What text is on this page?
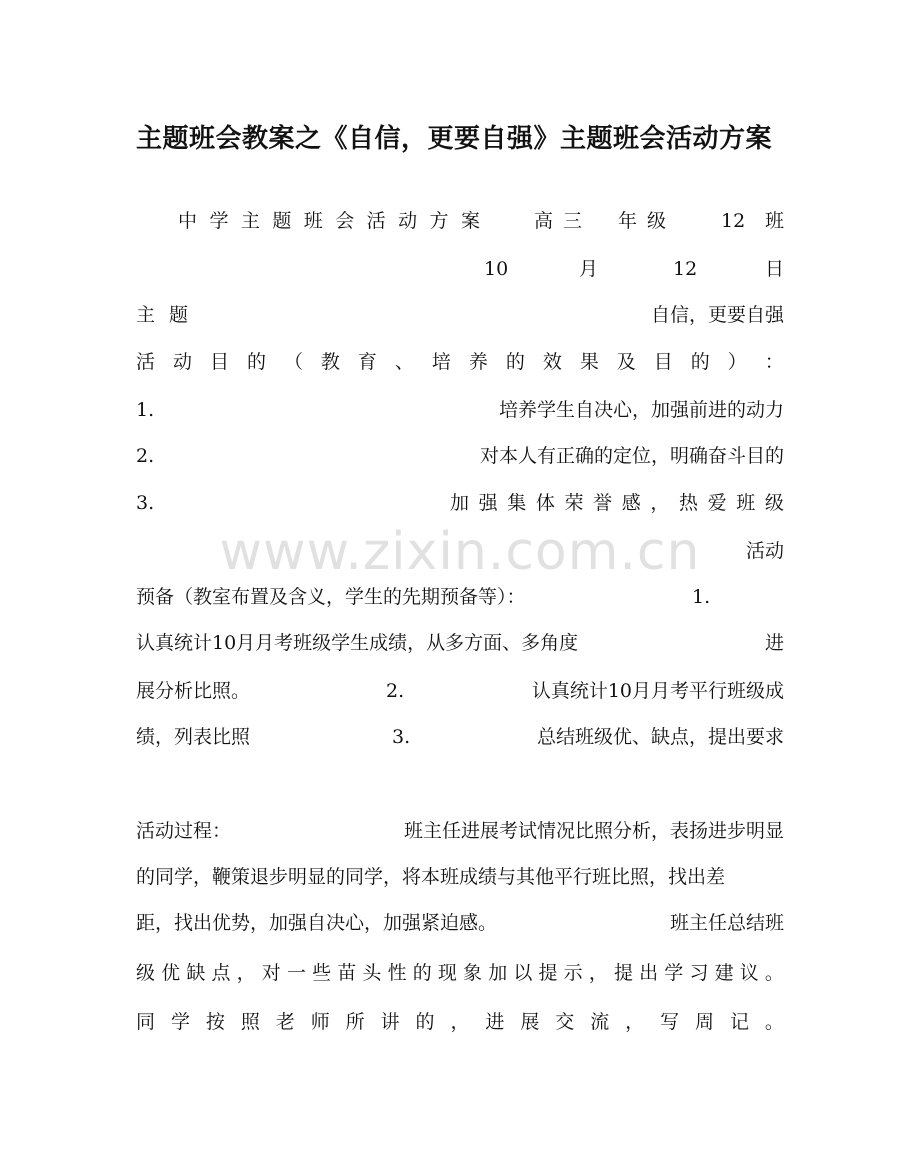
主题班会教案之《自信，更要自强》主题班会活动方案
中 学 主 题 班 会 活 动 方 案	高三 年级 12 班
10	月	12	日
主 题	自信，更要自强
活 动 目 的 （ 教 育 、 培 养 的 效 果 及 目 的 ） ：
1.	培养学生自决心，加强前进的动力
2.	对本人有正确的定位，明确奋斗目的
3.	加 强 集 体 荣 誉 感 ， 热 爱 班 级
活动
预备（教室布置及含义，学生的先期预备等）：	1.
认真统计10月月考班级学生成绩，从多方面、多角度	进
展分析比照。	2.	认真统计10月月考平行班级成
绩，列表比照	3.	总结班级优、缺点，提出要求
活动过程：	班主任进展考试情况比照分析，表扬进步明显
的同学，鞭策退步明显的同学，将本班成绩与其他平行班比照，找出差
距，找出优势，加强自决心，加强紧迫感。	班主任总结班
级 优 缺 点 ， 对 一 些 苗 头 性 的 现 象 加 以 提 示 ， 提 出 学 习 建 议 。
同 学 按 照 老 师 所 讲 的 ， 进 展 交 流 ， 写 周 记 。
www.zixin.com.cn
